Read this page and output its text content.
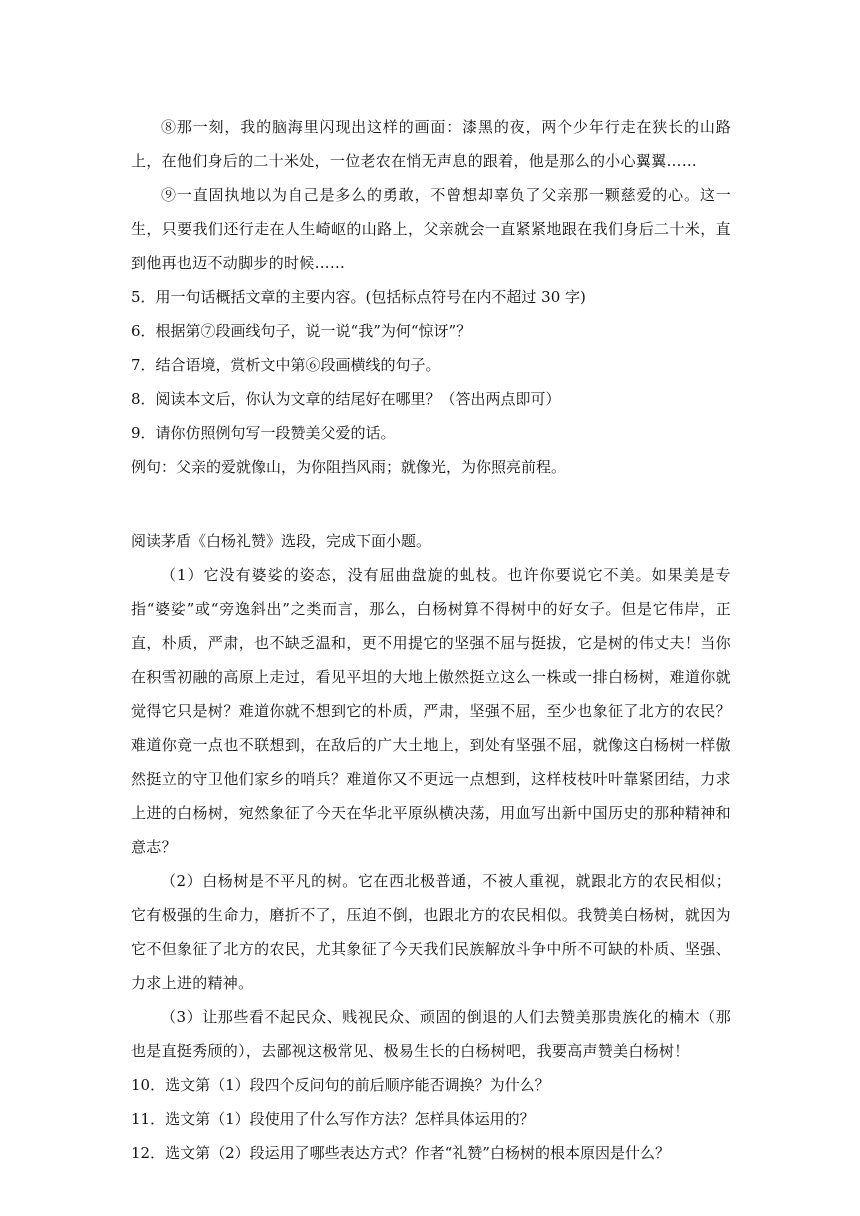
⑧那一刻，我的脑海里闪现出这样的画面：漆黑的夜，两个少年行走在狭长的山路上，在他们身后的二十米处，一位老农在悄无声息的跟着，他是那么的小心翼翼……

⑨一直固执地以为自己是多么的勇敢，不曾想却辜负了父亲那一颗慈爱的心。这一生，只要我们还行走在人生崎岖的山路上，父亲就会一直紧紧地跟在我们身后二十米，直到他再也迈不动脚步的时候……

5．用一句话概括文章的主要内容。(包括标点符号在内不超过 30 字)

6．根据第⑦段画线句子，说一说“我”为何“惊讶”？

7．结合语境，赏析文中第⑥段画横线的句子。

8．阅读本文后，你认为文章的结尾好在哪里？（答出两点即可）

9．请你仿照例句写一段赞美父爱的话。

例句：父亲的爱就像山，为你阻挡风雨；就像光，为你照亮前程。

阅读茅盾《白杨礼赞》选段，完成下面小题。

（1）它没有婆娑的姿态，没有屈曲盘旋的虬枝。也许你要说它不美。如果美是专指“婆娑”或“旁逸斜出”之类而言，那么，白杨树算不得树中的好女子。但是它伟岸，正直，朴质，严肃，也不缺乏温和，更不用提它的坚强不屈与挺拔，它是树的伟丈夫！当你在积雪初融的高原上走过，看见平坦的大地上傲然挺立这么一株或一排白杨树，难道你就觉得它只是树？难道你就不想到它的朴质，严肃，坚强不屈，至少也象征了北方的农民？难道你竟一点也不联想到，在敌后的广大土地上，到处有坚强不屈，就像这白杨树一样傲然挺立的守卫他们家乡的哨兵？难道你又不更远一点想到，这样枝枝叶叶靠紧团结，力求上进的白杨树，宛然象征了今天在华北平原纵横决荡，用血写出新中国历史的那种精神和意志？

（2）白杨树是不平凡的树。它在西北极普通，不被人重视，就跟北方的农民相似；它有极强的生命力，磨折不了，压迫不倒，也跟北方的农民相似。我赞美白杨树，就因为它不但象征了北方的农民，尤其象征了今天我们民族解放斗争中所不可缺的朴质、坚强、力求上进的精神。

（3）让那些看不起民众、贱视民众、顽固的倒退的人们去赞美那贵族化的楠木（那也是直挺秀颀的），去鄙视这极常见、极易生长的白杨树吧，我要高声赞美白杨树！

10．选文第（1）段四个反问句的前后顺序能否调换？为什么？

11．选文第（1）段使用了什么写作方法？怎样具体运用的？

12．选文第（2）段运用了哪些表达方式？作者“礼赞”白杨树的根本原因是什么？
